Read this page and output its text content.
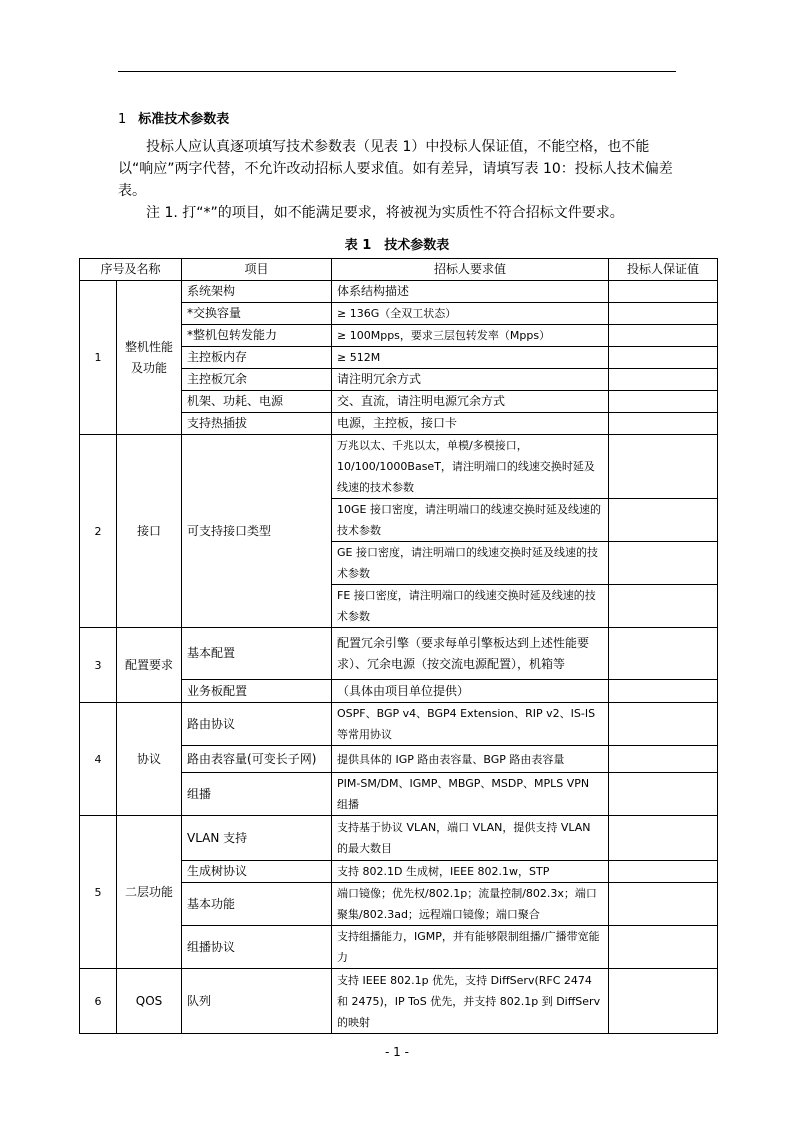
1 标准技术参数表

投标人应认真逐项填写技术参数表（见表 1）中投标人保证值，不能空格，也不能以“响应”两字代替，不允许改动招标人要求值。如有差异，请填写表 10：投标人技术偏差表。

注 1. 打“*”的项目，如不能满足要求，将被视为实质性不符合招标文件要求。

表 1　技术参数表
序号及名称		项目	招标人要求值	投标人保证值
1	整机性能及功能	系统架构	体系结构描述	
		*交换容量	≥ 136G（全双工状态）	
		*整机包转发能力	≥ 100Mpps，要求三层包转发率（Mpps）	
		主控板内存	≥ 512M	
		主控板冗余	请注明冗余方式	
		机架、功耗、电源	交、直流，请注明电源冗余方式	
		支持热插拔	电源，主控板，接口卡	
2	接口	可支持接口类型	万兆以太、千兆以太，单模/多模接口，10/100/1000BaseT，请注明端口的线速交换时延及线速的技术参数	
			10GE 接口密度，请注明端口的线速交换时延及线速的技术参数	
			GE 接口密度，请注明端口的线速交换时延及线速的技术参数	
			FE 接口密度，请注明端口的线速交换时延及线速的技术参数	
3	配置要求	基本配置	配置冗余引擎（要求每单引擎板达到上述性能要求）、冗余电源（按交流电源配置），机箱等	
		业务板配置	（具体由项目单位提供）	
4	协议	路由协议	OSPF、BGP v4、BGP4 Extension、RIP v2、IS-IS 等常用协议	
		路由表容量(可变长子网)	提供具体的 IGP 路由表容量、BGP 路由表容量	
		组播	PIM-SM/DM、IGMP、MBGP、MSDP、MPLS VPN 组播	
5	二层功能	VLAN 支持	支持基于协议 VLAN，端口 VLAN，提供支持 VLAN 的最大数目	
		生成树协议	支持 802.1D 生成树，IEEE 802.1w，STP	
		基本功能	端口镜像；优先权/802.1p；流量控制/802.3x；端口聚集/802.3ad；远程端口镜像；端口聚合	
		组播协议	支持组播能力，IGMP，并有能够限制组播/广播带宽能力	
6	QOS	队列	支持 IEEE 802.1p 优先，支持 DiffServ(RFC 2474 和 2475)，IP ToS 优先，并支持 802.1p 到 DiffServ 的映射	
- 1 -
